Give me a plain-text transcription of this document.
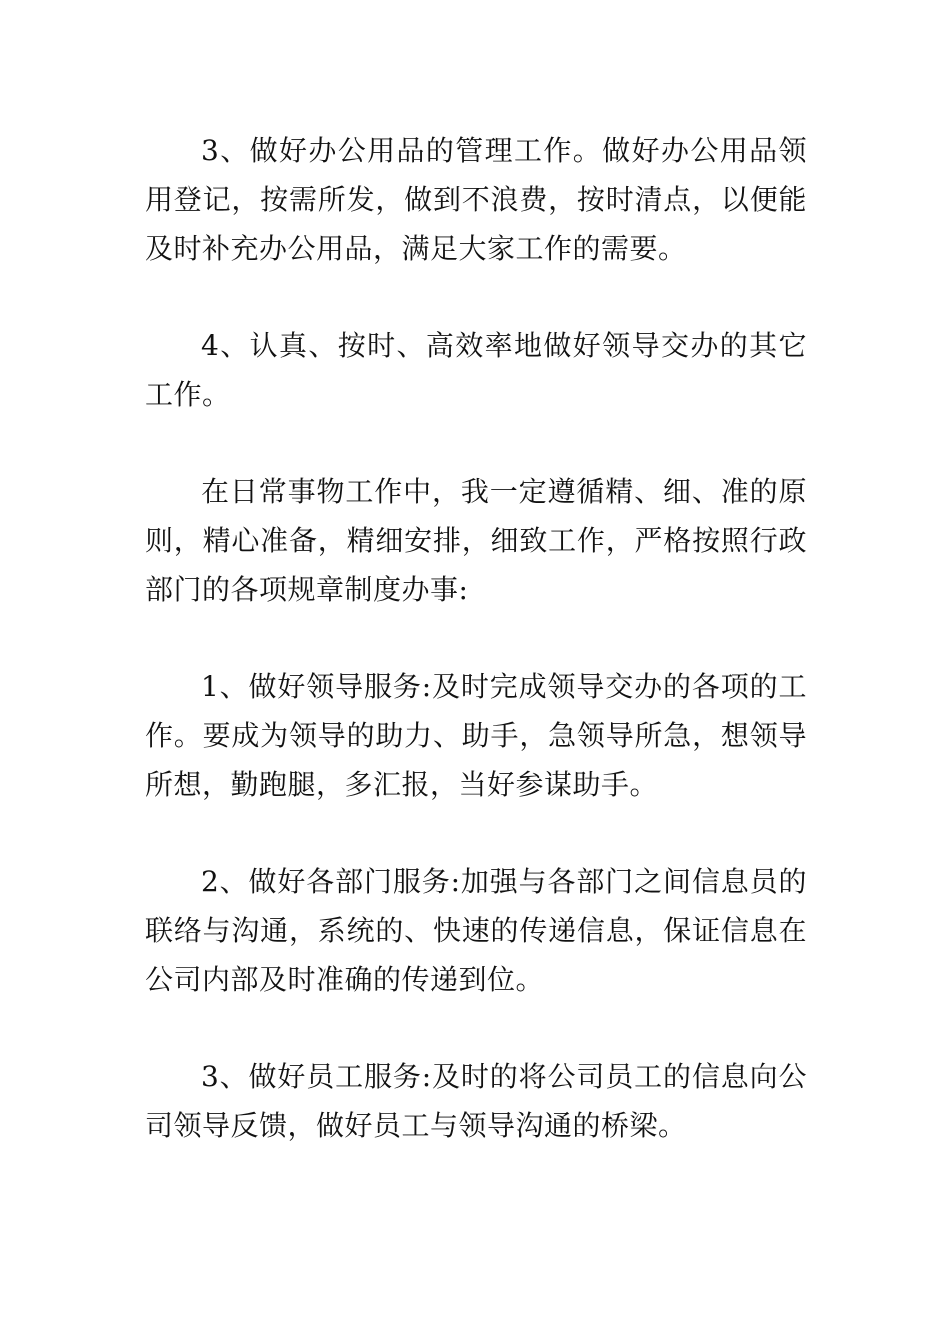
3、做好办公用品的管理工作。做好办公用品领用登记，按需所发，做到不浪费，按时清点，以便能及时补充办公用品，满足大家工作的需要。

4、认真、按时、高效率地做好领导交办的其它工作。

在日常事物工作中，我一定遵循精、细、准的原则，精心准备，精细安排，细致工作，严格按照行政部门的各项规章制度办事:

1、做好领导服务:及时完成领导交办的各项的工作。要成为领导的助力、助手，急领导所急，想领导所想，勤跑腿，多汇报，当好参谋助手。

2、做好各部门服务:加强与各部门之间信息员的联络与沟通，系统的、快速的传递信息，保证信息在公司内部及时准确的传递到位。

3、做好员工服务:及时的将公司员工的信息向公司领导反馈，做好员工与领导沟通的桥梁。
